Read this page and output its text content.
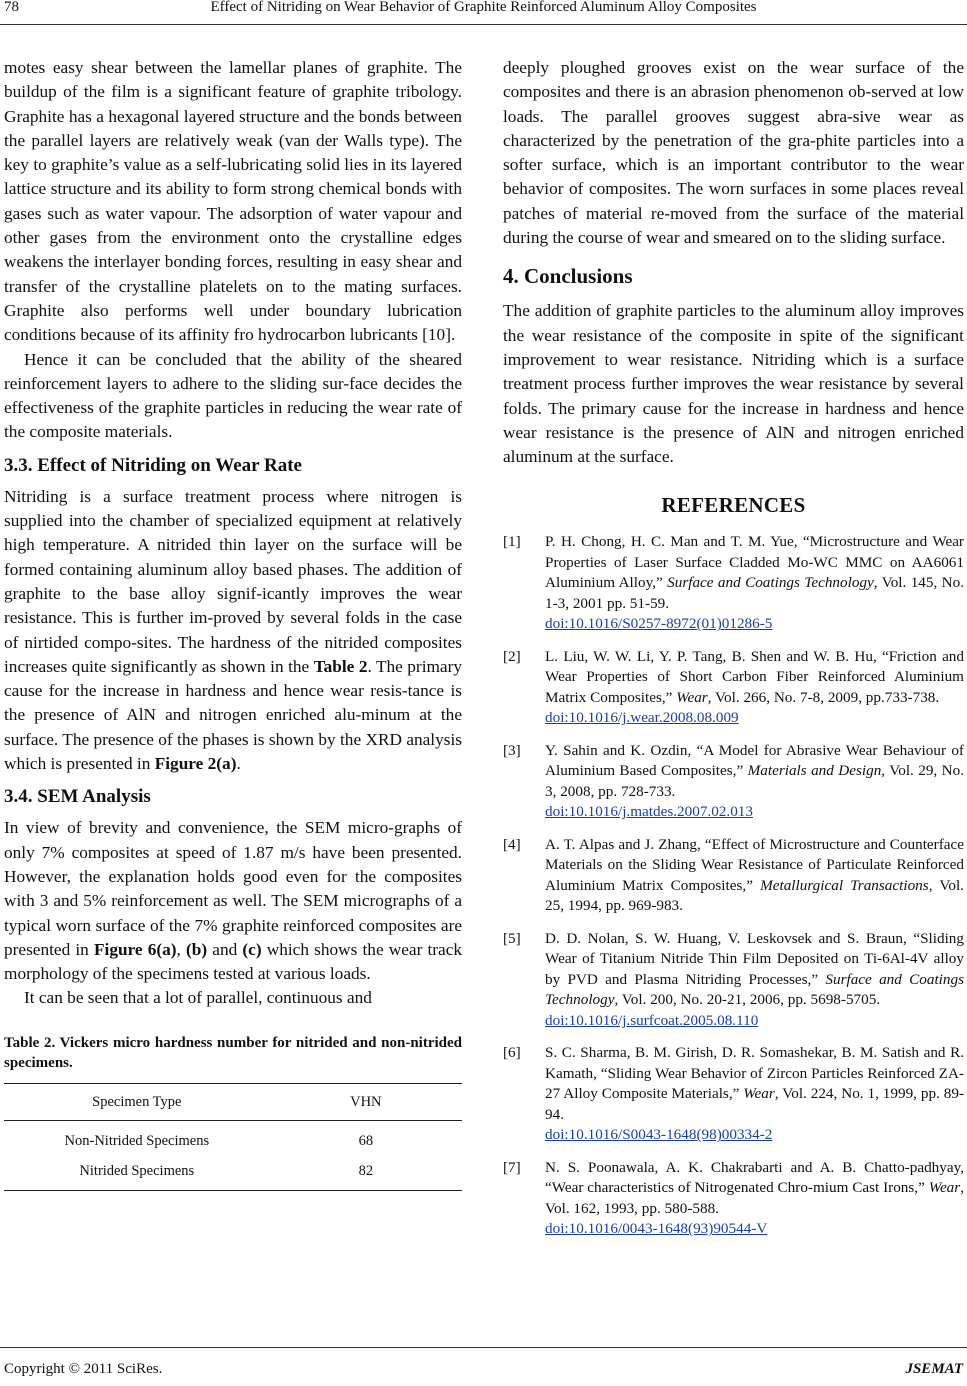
78	Effect of Nitriding on Wear Behavior of Graphite Reinforced Aluminum Alloy Composites

motes easy shear between the lamellar planes of graphite. The buildup of the film is a significant feature of graphite tribology. Graphite has a hexagonal layered structure and the bonds between the parallel layers are relatively weak (van der Walls type). The key to graphite’s value as a self-lubricating solid lies in its layered lattice structure and its ability to form strong chemical bonds with gases such as water vapour. The adsorption of water vapour and other gases from the environment onto the crystalline edges weakens the interlayer bonding forces, resulting in easy shear and transfer of the crystalline platelets on to the mating surfaces. Graphite also performs well under boundary lubrication conditions because of its affinity fro hydrocarbon lubricants [10].

Hence it can be concluded that the ability of the sheared reinforcement layers to adhere to the sliding sur-face decides the effectiveness of the graphite particles in reducing the wear rate of the composite materials.

3.3. Effect of Nitriding on Wear Rate

Nitriding is a surface treatment process where nitrogen is supplied into the chamber of specialized equipment at relatively high temperature. A nitrided thin layer on the surface will be formed containing aluminum alloy based phases. The addition of graphite to the base alloy signif-icantly improves the wear resistance. This is further im-proved by several folds in the case of nirtided compo-sites. The hardness of the nitrided composites increases quite significantly as shown in the Table 2. The primary cause for the increase in hardness and hence wear resis-tance is the presence of AlN and nitrogen enriched alu-minum at the surface. The presence of the phases is shown by the XRD analysis which is presented in Figure 2(a).

3.4. SEM Analysis

In view of brevity and convenience, the SEM micro-graphs of only 7% composites at speed of 1.87 m/s have been presented. However, the explanation holds good even for the composites with 3 and 5% reinforcement as well. The SEM micrographs of a typical worn surface of the 7% graphite reinforced composites are presented in Figure 6(a), (b) and (c) which shows the wear track morphology of the specimens tested at various loads.

It can be seen that a lot of parallel, continuous and

Table 2. Vickers micro hardness number for nitrided and non-nitrided specimens.
Specimen Type	VHN
Non-Nitrided Specimens	68
Nitrided Specimens	82

deeply ploughed grooves exist on the wear surface of the composites and there is an abrasion phenomenon ob-served at low loads. The parallel grooves suggest abra-sive wear as characterized by the penetration of the gra-phite particles into a softer surface, which is an important contributor to the wear behavior of composites. The worn surfaces in some places reveal patches of material re-moved from the surface of the material during the course of wear and smeared on to the sliding surface.

4. Conclusions

The addition of graphite particles to the aluminum alloy improves the wear resistance of the composite in spite of the significant improvement to wear resistance. Nitriding which is a surface treatment process further improves the wear resistance by several folds. The primary cause for the increase in hardness and hence wear resistance is the presence of AlN and nitrogen enriched aluminum at the surface.

REFERENCES
[1] P. H. Chong, H. C. Man and T. M. Yue, “Microstructure and Wear Properties of Laser Surface Cladded Mo-WC MMC on AA6061 Aluminium Alloy,” Surface and Coatings Technology, Vol. 145, No. 1-3, 2001 pp. 51-59.
doi:10.1016/S0257-8972(01)01286-5
[2] L. Liu, W. W. Li, Y. P. Tang, B. Shen and W. B. Hu, “Friction and Wear Properties of Short Carbon Fiber Reinforced Aluminium Matrix Composites,” Wear, Vol. 266, No. 7-8, 2009, pp.733-738.
doi:10.1016/j.wear.2008.08.009
[3] Y. Sahin and K. Ozdin, “A Model for Abrasive Wear Behaviour of Aluminium Based Composites,” Materials and Design, Vol. 29, No. 3, 2008, pp. 728-733.
doi:10.1016/j.matdes.2007.02.013
[4] A. T. Alpas and J. Zhang, “Effect of Microstructure and Counterface Materials on the Sliding Wear Resistance of Particulate Reinforced Aluminium Matrix Composites,” Metallurgical Transactions, Vol. 25, 1994, pp. 969-983.
[5] D. D. Nolan, S. W. Huang, V. Leskovsek and S. Braun, “Sliding Wear of Titanium Nitride Thin Film Deposited on Ti-6Al-4V alloy by PVD and Plasma Nitriding Processes,” Surface and Coatings Technology, Vol. 200, No. 20-21, 2006, pp. 5698-5705.
doi:10.1016/j.surfcoat.2005.08.110
[6] S. C. Sharma, B. M. Girish, D. R. Somashekar, B. M. Satish and R. Kamath, “Sliding Wear Behavior of Zircon Particles Reinforced ZA-27 Alloy Composite Materials,” Wear, Vol. 224, No. 1, 1999, pp. 89-94.
doi:10.1016/S0043-1648(98)00334-2
[7] N. S. Poonawala, A. K. Chakrabarti and A. B. Chatto-padhyay, “Wear characteristics of Nitrogenated Chro-mium Cast Irons,” Wear, Vol. 162, 1993, pp. 580-588.
doi:10.1016/0043-1648(93)90544-V
Copyright © 2011 SciRes.	JSEMAT
